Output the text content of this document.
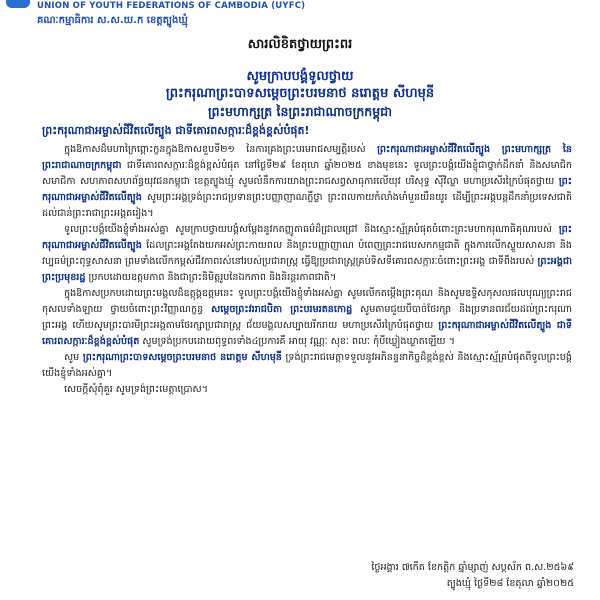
UNION OF YOUTH FEDERATIONS OF CAMBODIA (UYFC)
គណៈកម្មាធិការ ស.ស.យ.ក ខេត្តត្បូងឃ្មុំ
សារលិខិតថ្វាយព្រះពរ
សូមក្រាបបង្គំទូលថ្វាយ
ព្រះករុណាព្រះបាទសម្តេចព្រះបរមនាថ នរោត្តម សីហមុនី
ព្រះមហាក្សត្រ នៃព្រះរាជាណាចក្រកម្ពុជា
ព្រះករុណាជាអម្ចាស់ជីវិតលើត្បូង ជាទីគោរពសក្ការៈដ៏ខ្ពង់ខ្ពស់បំផុត!

ក្នុងឱកាសដ៏មហាក្រៃព្ពោះក្ខនក្នុងឱកាសខួបទី២១ នៃការគ្រងព្រះបរមរាជសម្បត្តិរបស់ ព្រះករុណាជាអម្ចាស់ជីវិតលើត្បូង ព្រះមហាក្សត្រ នៃព្រះរាជាណាចក្រកម្ពុជា ជាទីគោរពសក្ការៈដ៏ខ្ពង់ខ្ពស់បំផុត នៅថ្ងៃទី២៩ ខែតុលា ឆ្នាំ២០២៥ ខាងមុខនេះ ទូលព្រះបង្គំយើងខ្ញុំជាថ្នាក់ដឹកនាំ និងសមាជិក សមាជិកា សហភាពសហព័ន្ធយុវជនកម្ពុជា ខេត្តត្បូងឃ្មុំ សូមលំនឹកការយាងព្រះរាជសព្វសាធុការលើយុវ បរិសុទ្ធ ស៊ីវិល្ហា មហាប្រសើរក្រៃបំផុតថ្វាយ ព្រះករុណាជាអម្ចាស់ជីវិតលើត្បូង សូមព្រះអង្គទ្រង់ព្រះរាជប្រទានព្រះបញ្ញាញាណភ្លឺថ្លា ព្រះពលកាយកំលាំងមាំមួនយឺនយូរ ដើម្បីព្រះអង្គបន្តដឹកនាំប្រទេសជាតិ ដល់ជាន់ព្រះរាជាព្រះអង្គតរៀង។

ទូលព្រះបង្គំយើងខ្ញុំទាំងអស់គ្នា សូមក្រាបថ្វាយបង្គំសម្ដែងនូវកតញ្ញូតាធម៌ដ៏ជ្រាលជ្រៅ និងស្មោះស្ម័គ្របំផុតចំពោះព្រះមហាករុណាធិគុណរបស់ ព្រះករុណាជាអម្ចាស់ជីវិតលើត្បូង ដែលព្រះអង្គតែងយកអស់ព្រះកាយពល និងព្រះបញ្ញាញាណ បំពេញព្រះរាជបេសកកម្មជាតិ ក្នុងការលើកស្ទួយសាសនា និងវប្បធម៌ព្រះពុទ្ធសាសនា ព្រមទាំងលើកកម្ពស់ជីវភាពរស់នៅរបស់ប្រជារាស្ត្រ ធ្វើឱ្យប្រជារាស្ត្រគ្រប់ទិសទីគោរពសក្ការៈចំពោះព្រះអង្គ ជាទីពឹងរបស់ ព្រះអង្គជាព្រះប្រមុខរដ្ឋ ប្រកបដោយឧត្តមភាព និងជាព្រះនិមិត្តរូបនៃឯកភាព និងនិរន្តរភាពជាតិ។

ក្នុងឱកាសប្រកបដោយព្រះមង្គលដ៏ឧត្តុង្គឧត្តមនេះ ទូលព្រះបង្គំយើងខ្ញុំទាំងអស់គ្នា សូមលើកតម្កើងព្រះគុណ និងសូមឧទ្ទិសកុសលផលបុណ្យព្រះរាជកុសលទាំងឡាយ ថ្វាយចំពោះព្រះវិញ្ញាណក្ខន្ធ សម្តេចព្រះវររាជបិតា ព្រះបរមរតនកោដ្ឋ សូមតាមជួយបីបាច់ថែរក្សា និងប្រទានពរជ័យដល់ព្រះករុណាព្រះអង្គ ហើយសូមព្រះបារមីព្រះអង្គតាមថែរក្សាប្រជារាស្ត្រ ជ័យមង្គលសប្បាយរីករាយ មហាប្រសើរក្រៃបំផុតថ្វាយ ព្រះករុណាជាអម្ចាស់ជីវិតលើត្បូង ជាទីគោរពសក្ការៈដ៏ខ្ពង់ខ្ពស់បំផុត សូមទ្រង់ប្រកបដោយពុទ្ធពរទាំង៤ប្រការគឺ អាយុ វណ្ណៈ សុខៈ ពលៈ កុំបីឃ្លៀងឃ្លាតឡើយ ។

សូម ព្រះករុណាព្រះបាទសម្តេចព្រះបរមនាថ នរោត្តម សីហមុនី ទ្រង់ព្រះរាជមេត្តាទទួលនូវអភិនន្ទនាកិច្ចដ៏ខ្ពង់ខ្ពស់ និងស្មោះស្ម័គ្របំផុតពីទូលព្រះបង្គំយើងខ្ញុំទាំងអស់គ្នា។

សេចក្តីសុំពុំគួរ សូមទ្រង់ព្រះមេត្តាប្រោស។

ថ្ងៃអង្គារ ៧កើត ខែកត្តិក ឆ្នាំម្សាញ់ សប្តស័ក ព.ស.២៥៦៩
ត្បូងឃ្មុំ ថ្ងៃទី២៨ ខែតុលា ឆ្នាំ២០២៥
